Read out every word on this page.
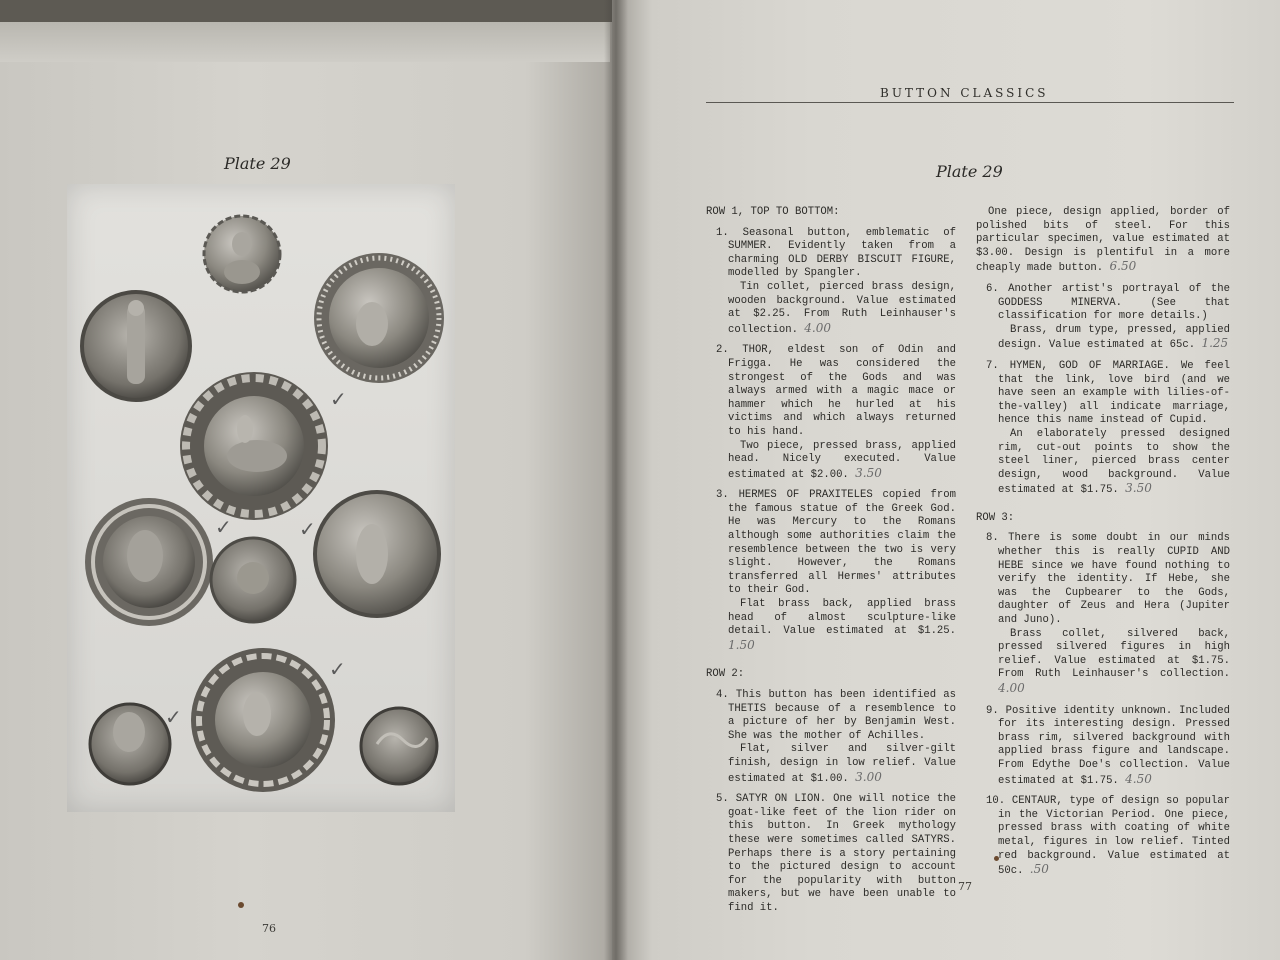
Plate 29
✓
✓	✓
✓
✓
76
BUTTON CLASSICS
Plate 29

ROW 1, TOP TO BOTTOM:

1. Seasonal button, emblematic of SUMMER. Evidently taken from a charming OLD DERBY BISCUIT FIGURE, modelled by Spangler.

Tin collet, pierced brass design, wooden background. Value estimated at $2.25. From Ruth Leinhauser's collection. 4.00

2. THOR, eldest son of Odin and Frigga. He was considered the strongest of the Gods and was always armed with a magic mace or hammer which he hurled at his victims and which always returned to his hand.

Two piece, pressed brass, applied head. Nicely executed. Value estimated at $2.00. 3.50

3. HERMES OF PRAXITELES copied from the famous statue of the Greek God. He was Mercury to the Romans although some authorities claim the resemblence between the two is very slight. However, the Romans transferred all Hermes' attributes to their God.

Flat brass back, applied brass head of almost sculpture-like detail. Value estimated at $1.25. 1.50

ROW 2:

4. This button has been identified as THETIS because of a resemblence to a picture of her by Benjamin West. She was the mother of Achilles.

Flat, silver and silver-gilt finish, design in low relief. Value estimated at $1.00. 3.00

5. SATYR ON LION. One will notice the goat-like feet of the lion rider on this button. In Greek mythology these were sometimes called SATYRS. Perhaps there is a story pertaining to the pictured design to account for the popularity with button makers, but we have been unable to find it.

One piece, design applied, border of polished bits of steel. For this particular specimen, value estimated at $3.00. Design is plentiful in a more cheaply made button. 6.50

6. Another artist's portrayal of the GODDESS MINERVA. (See that classification for more details.)

Brass, drum type, pressed, applied design. Value estimated at 65c. 1.25

7. HYMEN, GOD OF MARRIAGE. We feel that the link, love bird (and we have seen an example with lilies-of-the-valley) all indicate marriage, hence this name instead of Cupid.

An elaborately pressed designed rim, cut-out points to show the steel liner, pierced brass center design, wood background. Value estimated at $1.75. 3.50

ROW 3:

8. There is some doubt in our minds whether this is really CUPID AND HEBE since we have found nothing to verify the identity. If Hebe, she was the Cupbearer to the Gods, daughter of Zeus and Hera (Jupiter and Juno).

Brass collet, silvered back, pressed silvered figures in high relief. Value estimated at $1.75. From Ruth Leinhauser's collection. 4.00

9. Positive identity unknown. Included for its interesting design. Pressed brass rim, silvered background with applied brass figure and landscape. From Edythe Doe's collection. Value estimated at $1.75. 4.50

10. CENTAUR, type of design so popular in the Victorian Period. One piece, pressed brass with coating of white metal, figures in low relief. Tinted red background. Value estimated at 50c. .50

77
